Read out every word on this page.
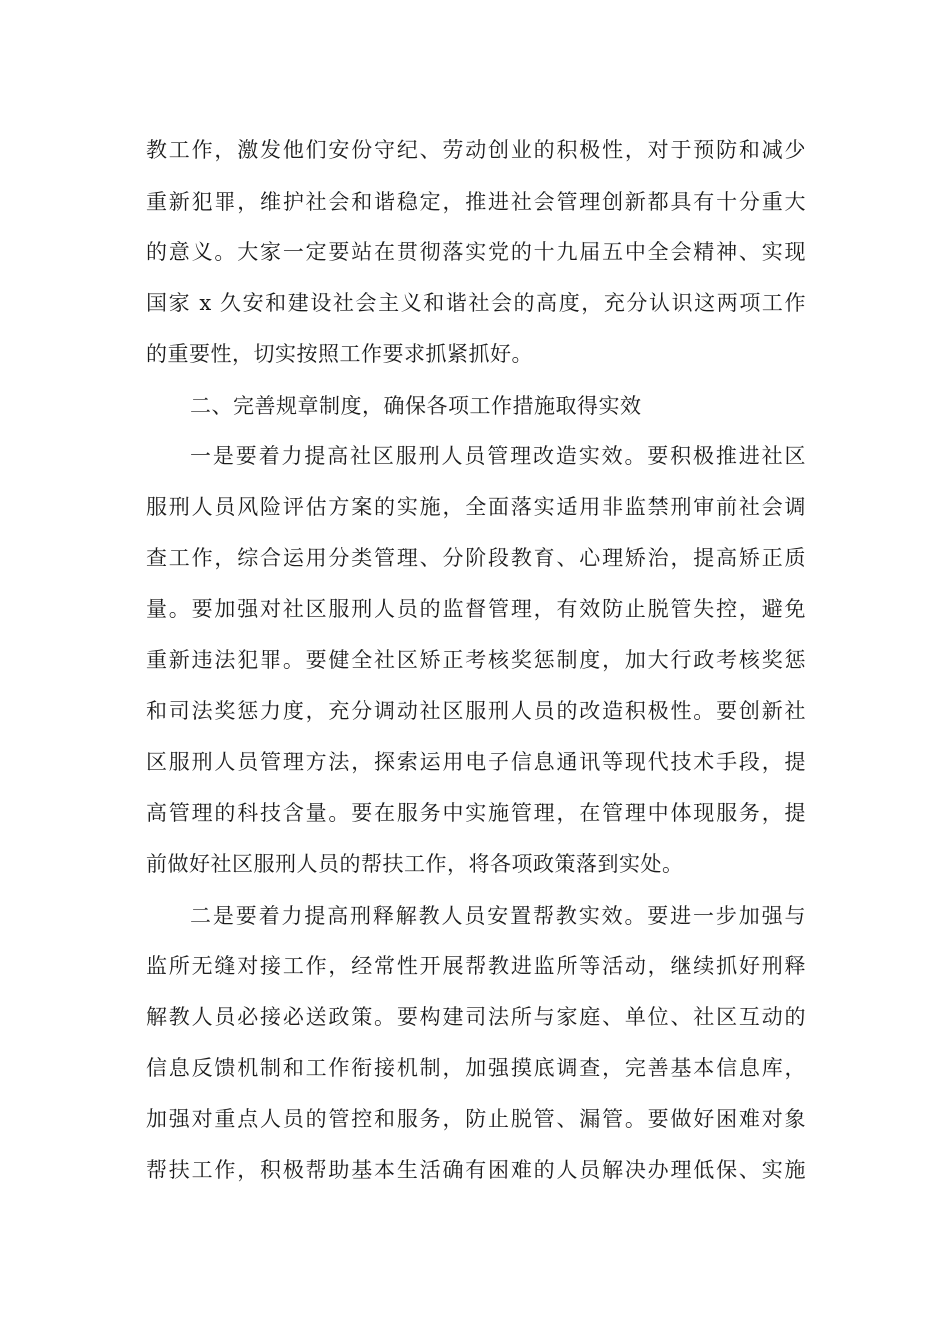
教工作，激发他们安份守纪、劳动创业的积极性，对于预防和减少
重新犯罪，维护社会和谐稳定，推进社会管理创新都具有十分重大
的意义。大家一定要站在贯彻落实党的十九届五中全会精神、实现
国家 x 久安和建设社会主义和谐社会的高度，充分认识这两项工作
的重要性，切实按照工作要求抓紧抓好。
二、完善规章制度，确保各项工作措施取得实效
一是要着力提高社区服刑人员管理改造实效。要积极推进社区
服刑人员风险评估方案的实施，全面落实适用非监禁刑审前社会调
查工作，综合运用分类管理、分阶段教育、心理矫治，提高矫正质
量。要加强对社区服刑人员的监督管理，有效防止脱管失控，避免
重新违法犯罪。要健全社区矫正考核奖惩制度，加大行政考核奖惩
和司法奖惩力度，充分调动社区服刑人员的改造积极性。要创新社
区服刑人员管理方法，探索运用电子信息通讯等现代技术手段，提
高管理的科技含量。要在服务中实施管理，在管理中体现服务，提
前做好社区服刑人员的帮扶工作，将各项政策落到实处。
二是要着力提高刑释解教人员安置帮教实效。要进一步加强与
监所无缝对接工作，经常性开展帮教进监所等活动，继续抓好刑释
解教人员必接必送政策。要构建司法所与家庭、单位、社区互动的
信息反馈机制和工作衔接机制，加强摸底调查，完善基本信息库，
加强对重点人员的管控和服务，防止脱管、漏管。要做好困难对象
帮扶工作，积极帮助基本生活确有困难的人员解决办理低保、实施
